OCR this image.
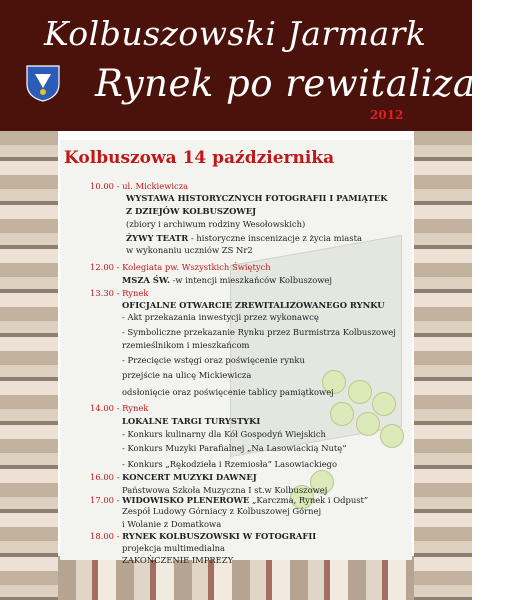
Kolbuszowski Jarmark
Rynek po rewitalizacji
2012
Kolbuszowa 14 października
10.00 - ul. Mickiewicza
WYSTAWA HISTORYCZNYCH FOTOGRAFII I PAMIĄTEK
Z DZIEJÓW KOLBUSZOWEJ
(zbiory i archiwum rodziny Wesołowskich)
ŻYWY TEATR - historyczne inscenizacje z życia miasta
w wykonaniu uczniów ZS Nr2
12.00 - Kolegiata pw. Wszystkich Świętych
MSZA ŚW. -w intencji mieszkańców Kolbuszowej
13.30 - Rynek
OFICJALNE OTWARCIE ZREWITALIZOWANEGO RYNKU
- Akt przekazania inwestycji przez wykonawcę
- Symboliczne przekazanie Rynku przez Burmistrza Kolbuszowej
rzemieślnikom i mieszkańcom
- Przecięcie wstęgi oraz poświęcenie rynku
przejście na ulicę Mickiewicza
odsłonięcie oraz poświęcenie tablicy pamiątkowej
14.00 - Rynek
LOKALNE TARGI TURYSTYKI
- Konkurs kulinarny dla Kół Gospodyń Wiejskich
- Konkurs Muzyki Parafialnej „Na Lasowiackią Nutę”
- Konkurs „Rękodzieła i Rzemiosła” Lasowiackiego
16.00 - KONCERT MUZYKI DAWNEJ
Państwowa Szkoła Muzyczna I st.w Kolbuszowej
17.00 - WIDOWISKO PLENEROWE „Karczma, Rynek i Odpust”
Zespół Ludowy Górniacy z Kolbuszowej Górnej
i Wolanie z Domatkowa
18.00 - RYNEK KOLBUSZOWSKI W FOTOGRAFII
projekcja multimedialna
ZAKOŃCZENIE IMPREZY
